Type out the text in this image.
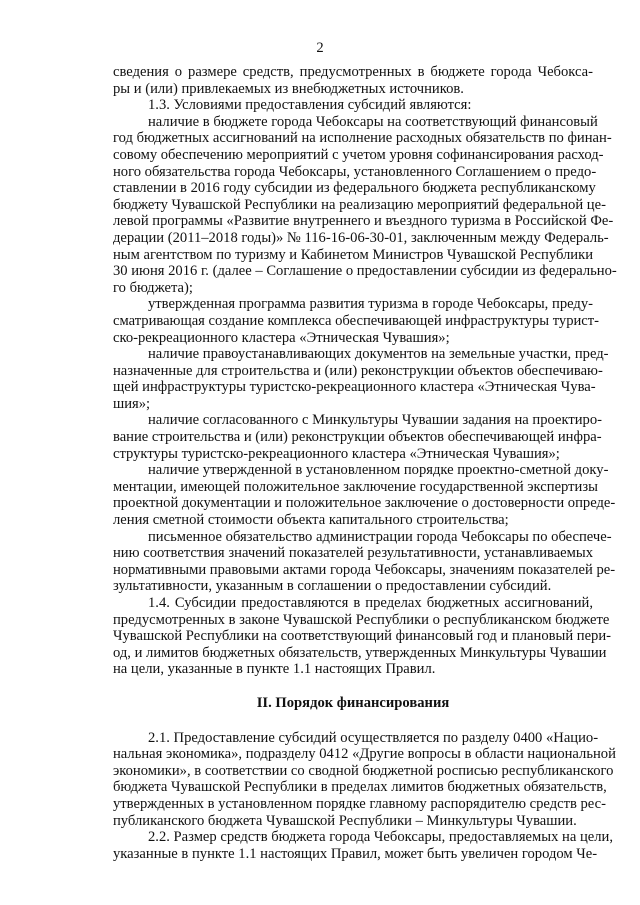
2
сведения о размере средств, предусмотренных в бюджете города Чебокса-
ры и (или) привлекаемых из внебюджетных источников.
1.3. Условиями предоставления субсидий являются:
наличие в бюджете города Чебоксары на соответствующий финансовый
год бюджетных ассигнований на исполнение расходных обязательств по финан-
совому обеспечению мероприятий с учетом уровня софинансирования расход-
ного обязательства города Чебоксары, установленного Соглашением о предо-
ставлении в 2016 году субсидии из федерального бюджета республиканскому
бюджету Чувашской Республики на реализацию мероприятий федеральной це-
левой программы «Развитие внутреннего и въездного туризма в Российской Фе-
дерации (2011–2018 годы)» № 116-16-06-30-01, заключенным между Федераль-
ным агентством по туризму и Кабинетом Министров Чувашской Республики
30 июня 2016 г. (далее – Соглашение о предоставлении субсидии из федерально-
го бюджета);
утвержденная программа развития туризма в городе Чебоксары, преду-
сматривающая создание комплекса обеспечивающей инфраструктуры турист-
ско-рекреационного кластера «Этническая Чувашия»;
наличие правоустанавливающих документов на земельные участки, пред-
назначенные для строительства и (или) реконструкции объектов обеспечиваю-
щей инфраструктуры туристско-рекреационного кластера «Этническая Чува-
шия»;
наличие согласованного с Минкультуры Чувашии задания на проектиро-
вание строительства и (или) реконструкции объектов обеспечивающей инфра-
структуры туристско-рекреационного кластера «Этническая Чувашия»;
наличие утвержденной в установленном порядке проектно-сметной доку-
ментации, имеющей положительное заключение государственной экспертизы
проектной документации и положительное заключение о достоверности опреде-
ления сметной стоимости объекта капитального строительства;
письменное обязательство администрации города Чебоксары по обеспече-
нию соответствия значений показателей результативности, устанавливаемых
нормативными правовыми актами города Чебоксары, значениям показателей ре-
зультативности, указанным в соглашении о предоставлении субсидий.
1.4. Субсидии предоставляются в пределах бюджетных ассигнований,
предусмотренных в законе Чувашской Республики о республиканском бюджете
Чувашской Республики на соответствующий финансовый год и плановый пери-
од, и лимитов бюджетных обязательств, утвержденных Минкультуры Чувашии
на цели, указанные в пункте 1.1 настоящих Правил.
II. Порядок финансирования
2.1. Предоставление субсидий осуществляется по разделу 0400 «Нацио-
нальная экономика», подразделу 0412 «Другие вопросы в области национальной
экономики», в соответствии со сводной бюджетной росписью республиканского
бюджета Чувашской Республики в пределах лимитов бюджетных обязательств,
утвержденных в установленном порядке главному распорядителю средств рес-
публиканского бюджета Чувашской Республики – Минкультуры Чувашии.
2.2. Размер средств бюджета города Чебоксары, предоставляемых на цели,
указанные в пункте 1.1 настоящих Правил, может быть увеличен городом Че-
